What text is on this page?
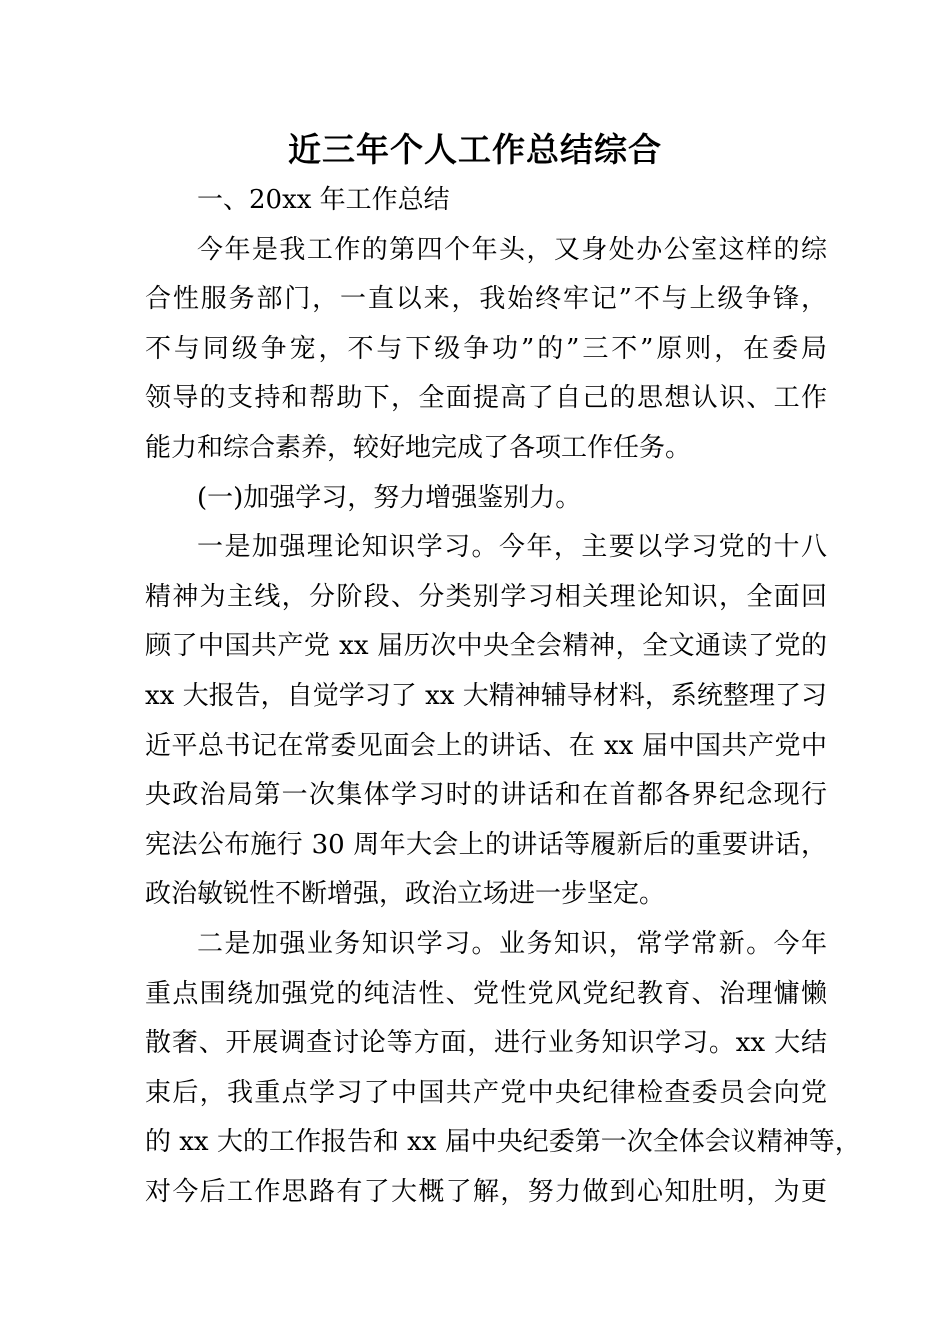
近三年个人工作总结综合
一、20xx 年工作总结
今年是我工作的第四个年头，又身处办公室这样的综
合性服务部门，一直以来，我始终牢记”不与上级争锋，
不与同级争宠，不与下级争功”的”三不”原则，在委局
领导的支持和帮助下，全面提高了自己的思想认识、工作
能力和综合素养，较好地完成了各项工作任务。
(一)加强学习，努力增强鉴别力。
一是加强理论知识学习。今年，主要以学习党的十八
精神为主线，分阶段、分类别学习相关理论知识，全面回
顾了中国共产党 xx 届历次中央全会精神，全文通读了党的
xx 大报告，自觉学习了 xx 大精神辅导材料，系统整理了习
近平总书记在常委见面会上的讲话、在 xx 届中国共产党中
央政治局第一次集体学习时的讲话和在首都各界纪念现行
宪法公布施行 30 周年大会上的讲话等履新后的重要讲话，
政治敏锐性不断增强，政治立场进一步坚定。
二是加强业务知识学习。业务知识，常学常新。今年
重点围绕加强党的纯洁性、党性党风党纪教育、治理慵懒
散奢、开展调查讨论等方面，进行业务知识学习。xx 大结
束后，我重点学习了中国共产党中央纪律检查委员会向党
的 xx 大的工作报告和 xx 届中央纪委第一次全体会议精神等，
对今后工作思路有了大概了解，努力做到心知肚明，为更
